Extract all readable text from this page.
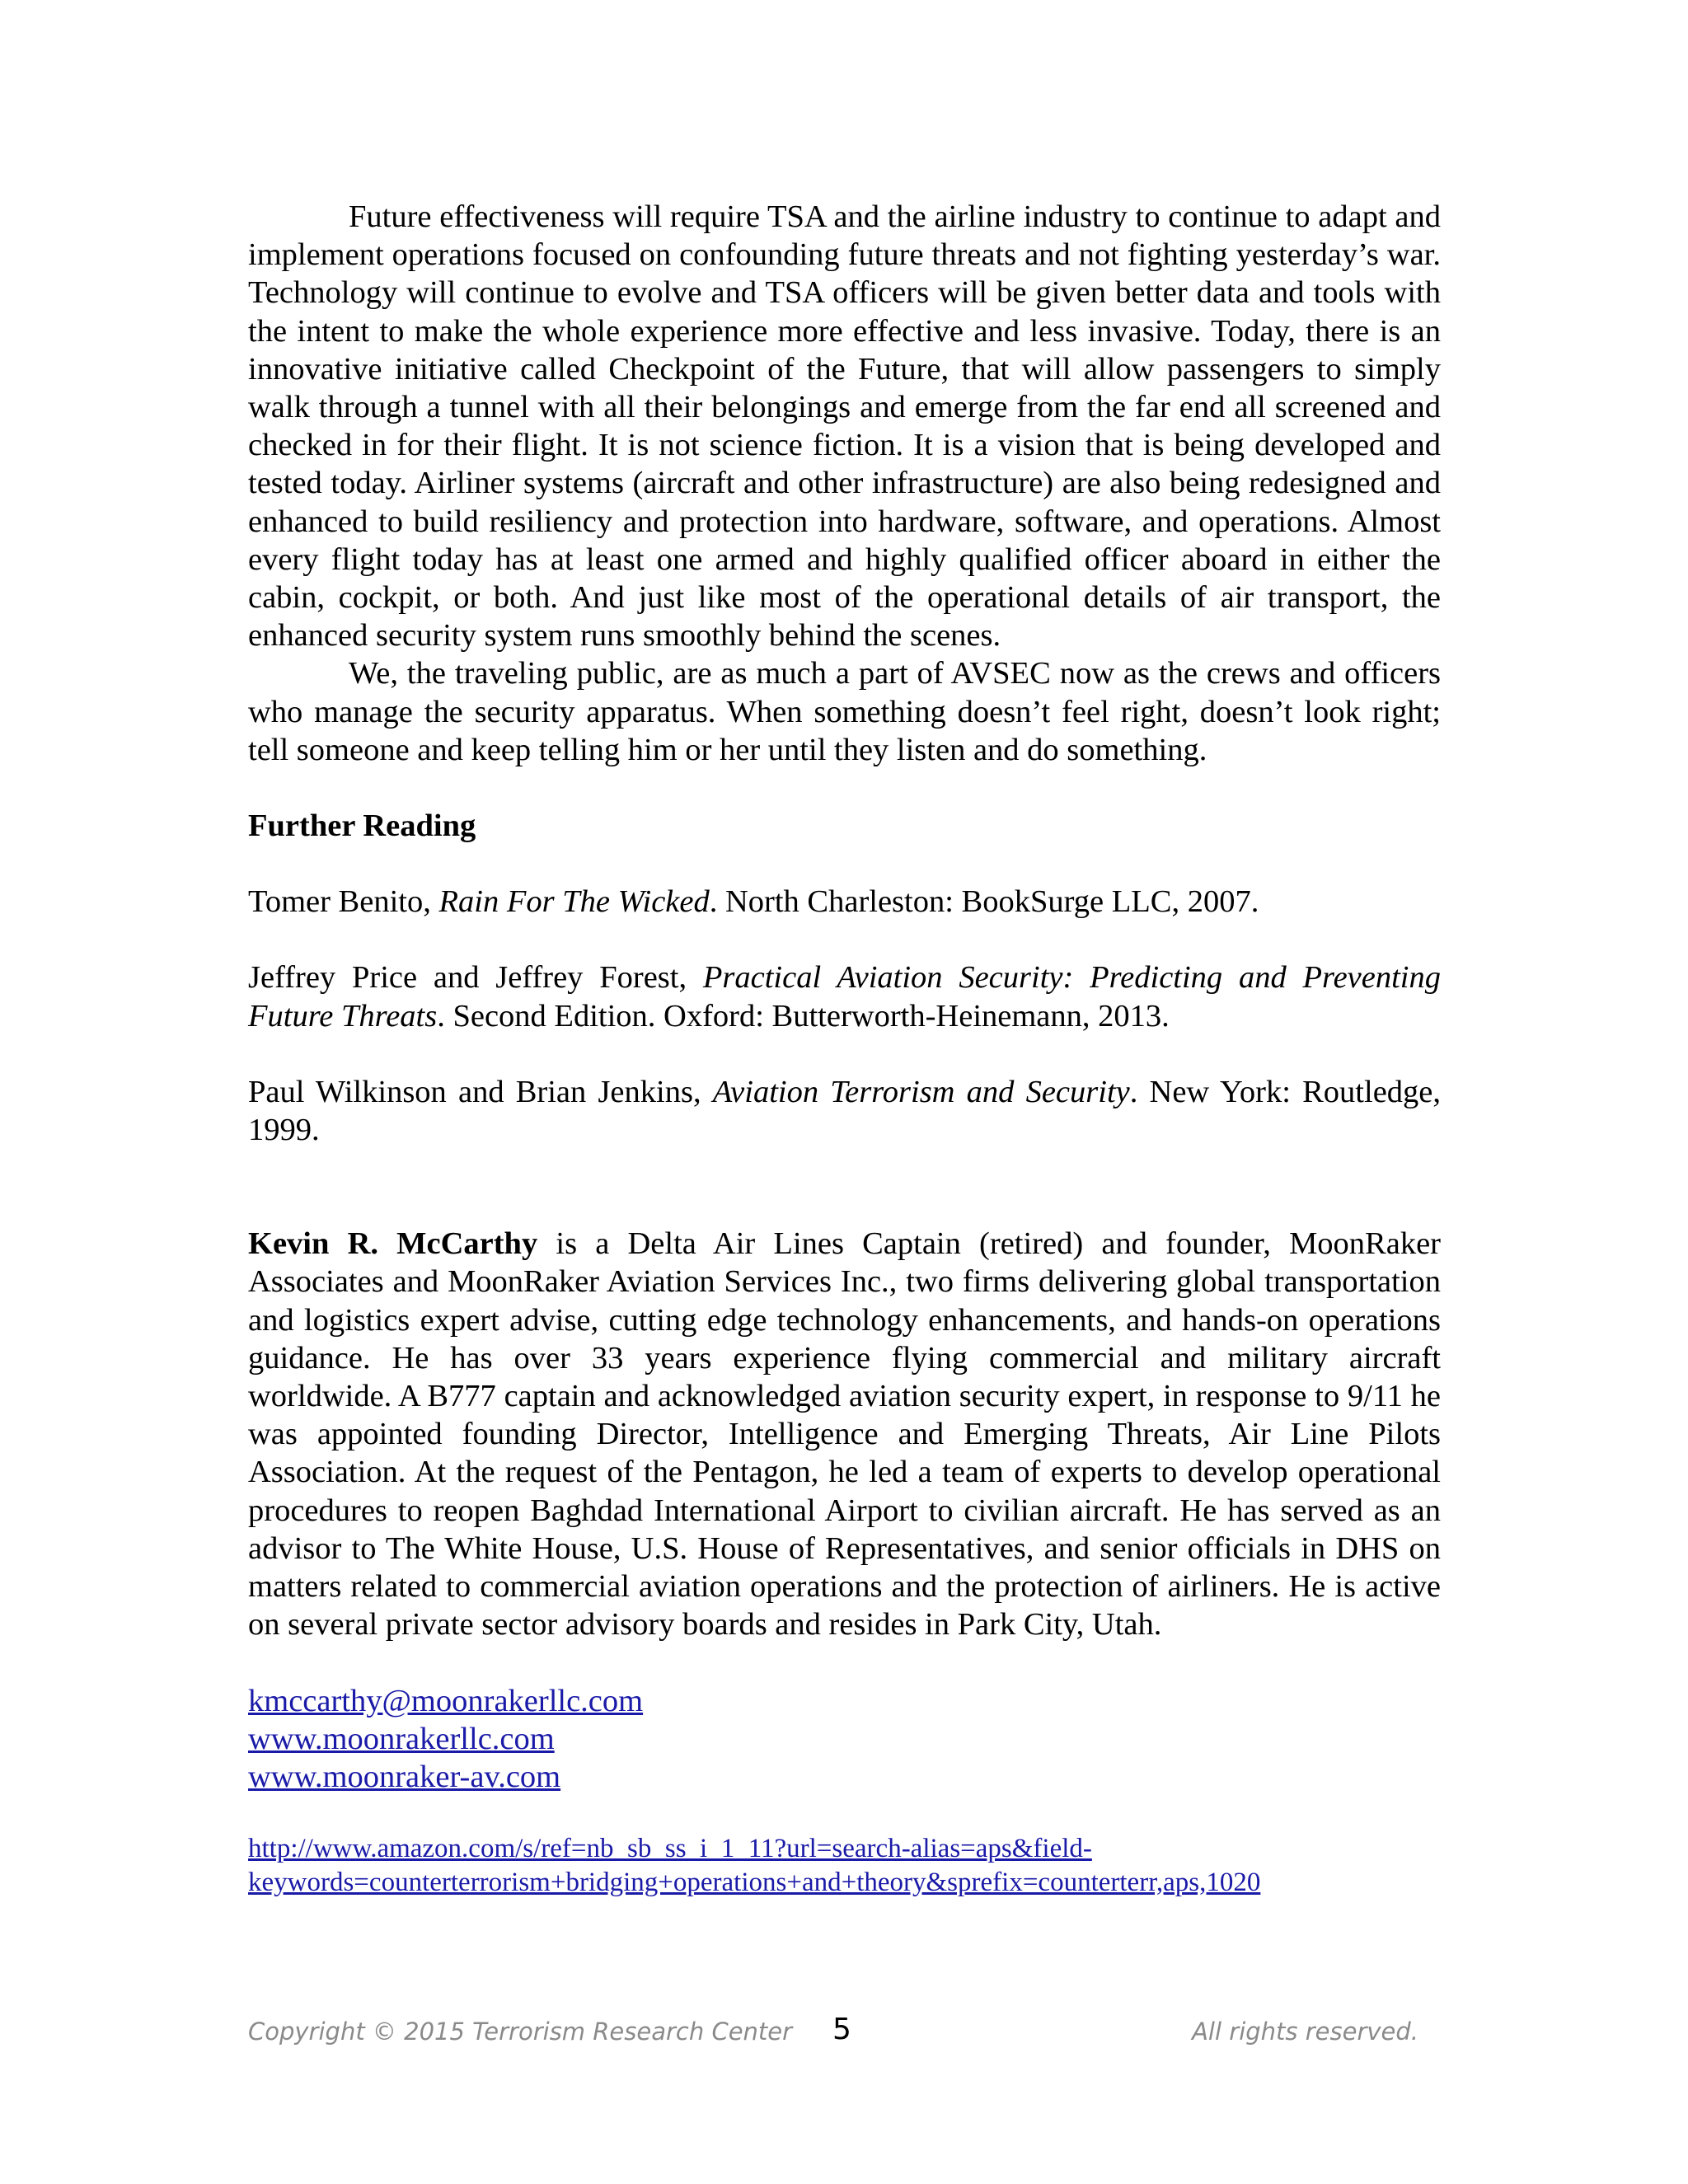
Future effectiveness will require TSA and the airline industry to continue to adapt and implement operations focused on confounding future threats and not fighting yesterday’s war. Technology will continue to evolve and TSA officers will be given better data and tools with the intent to make the whole experience more effective and less invasive. Today, there is an innovative initiative called Checkpoint of the Future, that will allow passengers to simply walk through a tunnel with all their belongings and emerge from the far end all screened and checked in for their flight. It is not science fiction. It is a vision that is being developed and tested today. Airliner systems (aircraft and other infrastructure) are also being redesigned and enhanced to build resiliency and protection into hardware, software, and operations. Almost every flight today has at least one armed and highly qualified officer aboard in either the cabin, cockpit, or both. And just like most of the operational details of air transport, the enhanced security system runs smoothly behind the scenes.

We, the traveling public, are as much a part of AVSEC now as the crews and officers who manage the security apparatus. When something doesn’t feel right, doesn’t look right; tell someone and keep telling him or her until they listen and do something.

Further Reading

Tomer Benito, Rain For The Wicked. North Charleston: BookSurge LLC, 2007.

Jeffrey Price and Jeffrey Forest, Practical Aviation Security: Predicting and Preventing Future Threats. Second Edition. Oxford: Butterworth-Heinemann, 2013.

Paul Wilkinson and Brian Jenkins, Aviation Terrorism and Security. New York: Routledge, 1999.

Kevin R. McCarthy is a Delta Air Lines Captain (retired) and founder, MoonRaker Associates and MoonRaker Aviation Services Inc., two firms delivering global transportation and logistics expert advise, cutting edge technology enhancements, and hands-on operations guidance. He has over 33 years experience flying commercial and military aircraft worldwide. A B777 captain and acknowledged aviation security expert, in response to 9/11 he was appointed founding Director, Intelligence and Emerging Threats, Air Line Pilots Association. At the request of the Pentagon, he led a team of experts to develop operational procedures to reopen Baghdad International Airport to civilian aircraft. He has served as an advisor to The White House, U.S. House of Representatives, and senior officials in DHS on matters related to commercial aviation operations and the protection of airliners. He is active on several private sector advisory boards and resides in Park City, Utah.

kmccarthy@moonrakerllc.com
www.moonrakerllc.com
www.moonraker-av.com
http://www.amazon.com/s/ref=nb_sb_ss_i_1_11?url=search-alias=aps&field-
keywords=counterterrorism+bridging+operations+and+theory&sprefix=counterterr,aps,1020
Copyright © 2015 Terrorism Research Center 5	All rights reserved.
